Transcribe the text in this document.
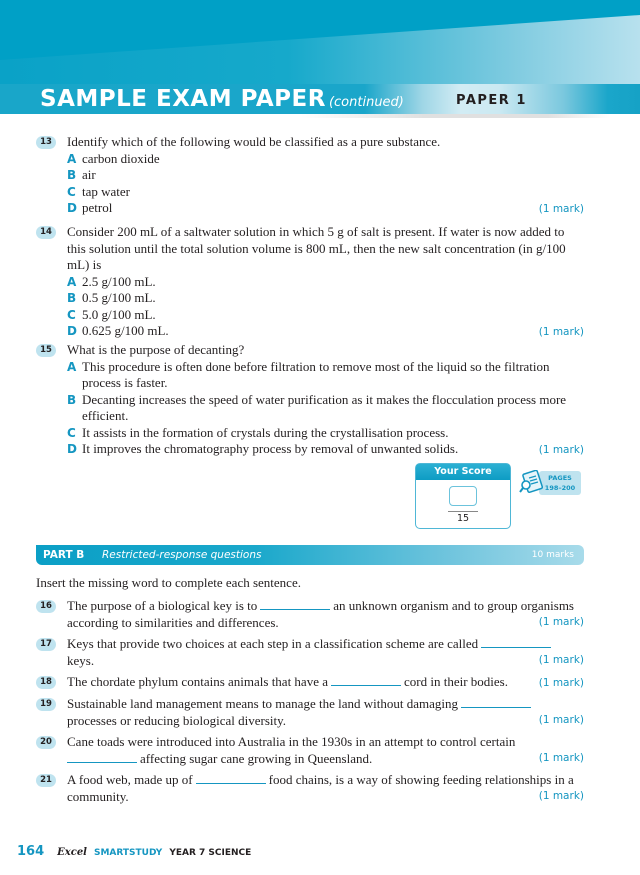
SAMPLE EXAM PAPER (continued)	PAPER 1
13	Identify which of the following would be classified as a pure substance.
A carbon dioxide
B air
C tap water
D petrol	(1 mark)
14	Consider 200 mL of a saltwater solution in which 5 g of salt is present. If water is now added to this solution until the total solution volume is 800 mL, then the new salt concentration (in g/100 mL) is
A 2.5 g/100 mL.
B 0.5 g/100 mL.
C 5.0 g/100 mL.
D 0.625 g/100 mL.	(1 mark)
15	What is the purpose of decanting?
A This procedure is often done before filtration to remove most of the liquid so the filtration process is faster.
B Decanting increases the speed of water purification as it makes the flocculation process more efficient.
C It assists in the formation of crystals during the crystallisation process.
D It improves the chromatography process by removal of unwanted solids.	(1 mark)
Your Score
15
PAGES
198–200
PART B Restricted-response questions	10 marks
Insert the missing word to complete each sentence.
16	The purpose of a biological key is to	an unknown organism and to group organisms according to similarities and differences.	(1 mark)
17	Keys that provide two choices at each step in a classification scheme are calledkeys.	(1 mark)
18	The chordate phylum contains animals that have a	cord in their bodies.	(1 mark)
19	Sustainable land management means to manage the land without damagingprocesses or reducing biological diversity.	(1 mark)
20	Cane toads were introduced into Australia in the 1930s in an attempt to control certain affecting sugar cane growing in Queensland.	(1 mark)
21	A food web, made up of	food chains, is a way of showing feeding relationships in a community.	(1 mark)
164 Excel SMARTSTUDY YEAR 7 SCIENCE
